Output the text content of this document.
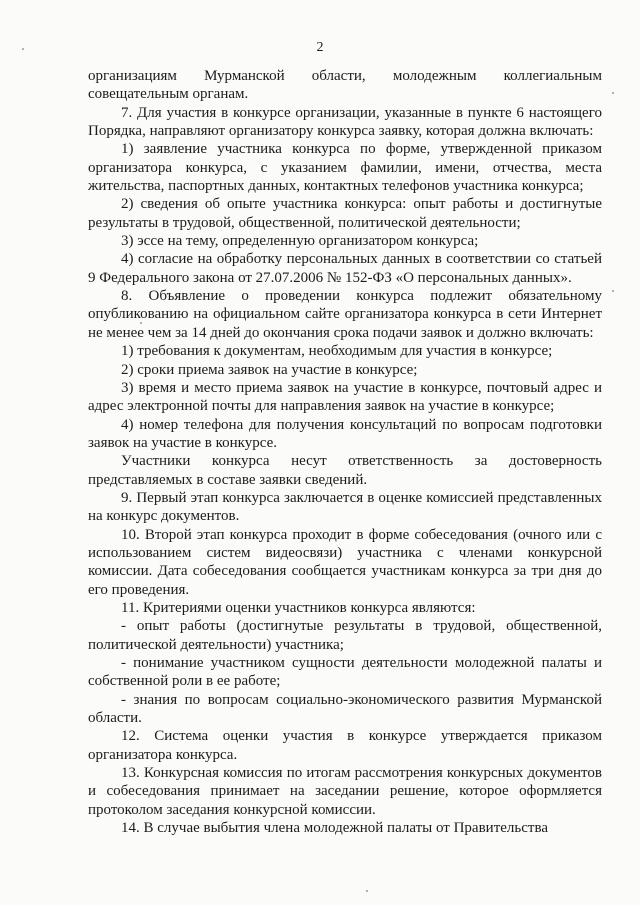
2

организациям Мурманской области, молодежным коллегиальным совещательным органам.

7. Для участия в конкурсе организации, указанные в пункте 6 настоящего Порядка, направляют организатору конкурса заявку, которая должна включать:

1) заявление участника конкурса по форме, утвержденной приказом организатора конкурса, с указанием фамилии, имени, отчества, места жительства, паспортных данных, контактных телефонов участника конкурса;

2) сведения об опыте участника конкурса: опыт работы и достигнутые результаты в трудовой, общественной, политической деятельности;

3) эссе на тему, определенную организатором конкурса;

4) согласие на обработку персональных данных в соответствии со статьей 9 Федерального закона от 27.07.2006 № 152-ФЗ «О персональных данных».

8. Объявление о проведении конкурса подлежит обязательному опубликованию на официальном сайте организатора конкурса в сети Интернет не менее чем за 14 дней до окончания срока подачи заявок и должно включать:

1) требования к документам, необходимым для участия в конкурсе;

2) сроки приема заявок на участие в конкурсе;

3) время и место приема заявок на участие в конкурсе, почтовый адрес и адрес электронной почты для направления заявок на участие в конкурсе;

4) номер телефона для получения консультаций по вопросам подготовки заявок на участие в конкурсе.

Участники конкурса несут ответственность за достоверность представляемых в составе заявки сведений.

9. Первый этап конкурса заключается в оценке комиссией представленных на конкурс документов.

10. Второй этап конкурса проходит в форме собеседования (очного или с использованием систем видеосвязи) участника с членами конкурсной комиссии. Дата собеседования сообщается участникам конкурса за три дня до его проведения.

11. Критериями оценки участников конкурса являются:

- опыт работы (достигнутые результаты в трудовой, общественной, политической деятельности) участника;

- понимание участником сущности деятельности молодежной палаты и собственной роли в ее работе;

- знания по вопросам социально-экономического развития Мурманской области.

12. Система оценки участия в конкурсе утверждается приказом организатора конкурса.

13. Конкурсная комиссия по итогам рассмотрения конкурсных документов и собеседования принимает на заседании решение, которое оформляется протоколом заседания конкурсной комиссии.

14. В случае выбытия члена молодежной палаты от Правительства
